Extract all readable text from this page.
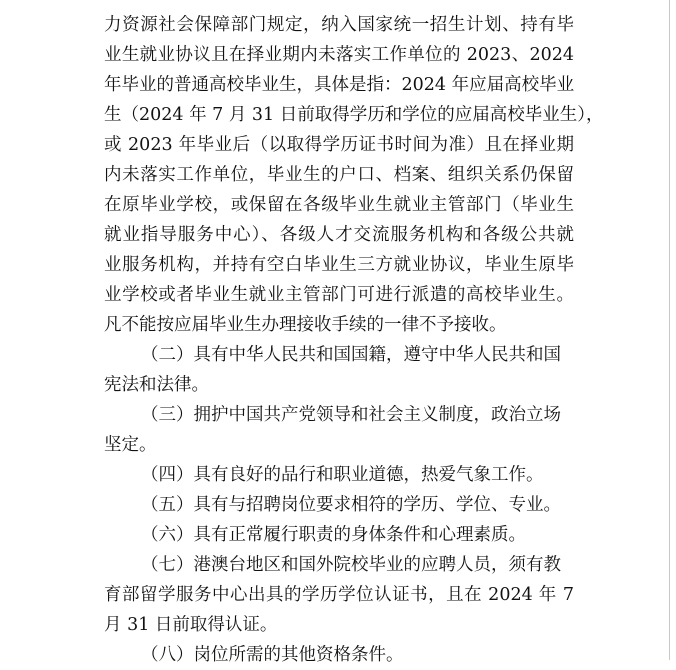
力资源社会保障部门规定，纳入国家统一招生计划、持有毕
业生就业协议且在择业期内未落实工作单位的 2023、2024
年毕业的普通高校毕业生，具体是指：2024 年应届高校毕业
生（2024 年 7 月 31 日前取得学历和学位的应届高校毕业生），
或 2023 年毕业后（以取得学历证书时间为准）且在择业期
内未落实工作单位，毕业生的户口、档案、组织关系仍保留
在原毕业学校，或保留在各级毕业生就业主管部门（毕业生
就业指导服务中心）、各级人才交流服务机构和各级公共就
业服务机构，并持有空白毕业生三方就业协议，毕业生原毕
业学校或者毕业生就业主管部门可进行派遣的高校毕业生。
凡不能按应届毕业生办理接收手续的一律不予接收。
（二）具有中华人民共和国国籍，遵守中华人民共和国
宪法和法律。
（三）拥护中国共产党领导和社会主义制度，政治立场
坚定。
（四）具有良好的品行和职业道德，热爱气象工作。
（五）具有与招聘岗位要求相符的学历、学位、专业。
（六）具有正常履行职责的身体条件和心理素质。
（七）港澳台地区和国外院校毕业的应聘人员，须有教
育部留学服务中心出具的学历学位认证书，且在 2024 年 7
月 31 日前取得认证。
（八）岗位所需的其他资格条件。
